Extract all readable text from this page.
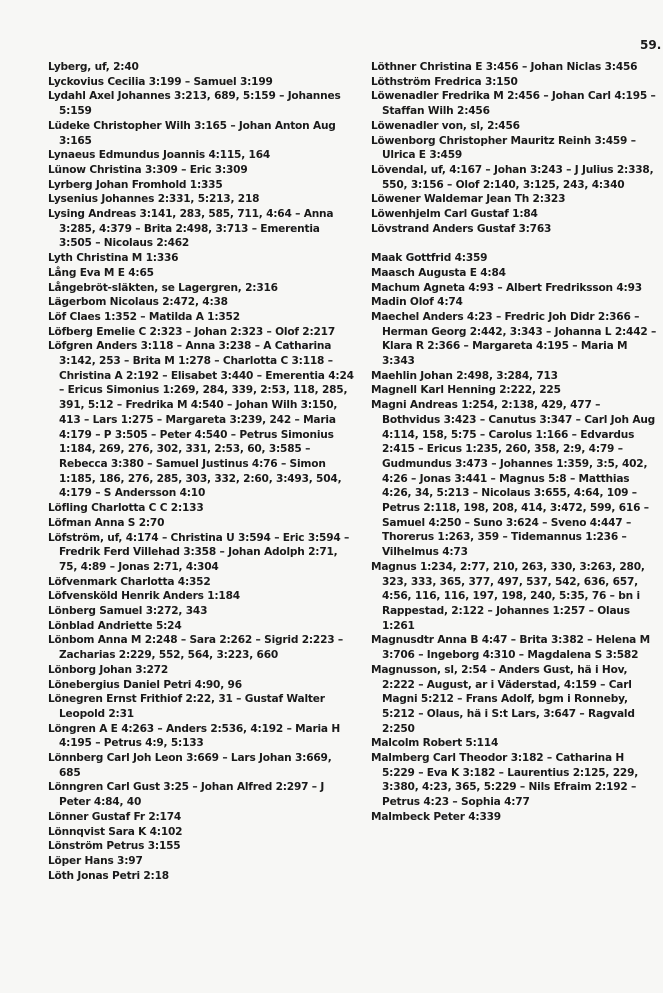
59.
Lyberg, uf, 2:40
Lyckovius Cecilia 3:199 – Samuel 3:199
Lydahl Axel Johannes 3:213, 689, 5:159 – Johannes 5:159
Lüdeke Christopher Wilh 3:165 – Johan Anton Aug 3:165
Lynaeus Edmundus Joannis 4:115, 164
Lünow Christina 3:309 – Eric 3:309
Lyrberg Johan Fromhold 1:335
Lysenius Johannes 2:331, 5:213, 218
Lysing Andreas 3:141, 283, 585, 711, 4:64 – Anna 3:285, 4:379 – Brita 2:498, 3:713 – Emerentia 3:505 – Nicolaus 2:462
Lyth Christina M 1:336
Lång Eva M E 4:65
Långebröt-släkten, se Lagergren, 2:316
Lägerbom Nicolaus 2:472, 4:38
Löf Claes 1:352 – Matilda A 1:352
Löfberg Emelie C 2:323 – Johan 2:323 – Olof 2:217
Löfgren Anders 3:118 – Anna 3:238 – A Catharina 3:142, 253 – Brita M 1:278 – Charlotta C 3:118 – Christina A 2:192 – Elisabet 3:440 – Emerentia 4:24 – Ericus Simonius 1:269, 284, 339, 2:53, 118, 285, 391, 5:12 – Fredrika M 4:540 – Johan Wilh 3:150, 413 – Lars 1:275 – Margareta 3:239, 242 – Maria 4:179 – P 3:505 – Peter 4:540 – Petrus Simonius 1:184, 269, 276, 302, 331, 2:53, 60, 3:585 – Rebecca 3:380 – Samuel Justinus 4:76 – Simon 1:185, 186, 276, 285, 303, 332, 2:60, 3:493, 504, 4:179 – S Andersson 4:10
Löfling Charlotta C C 2:133
Löfman Anna S 2:70
Löfström, uf, 4:174 – Christina U 3:594 – Eric 3:594 – Fredrik Ferd Villehad 3:358 – Johan Adolph 2:71, 75, 4:89 – Jonas 2:71, 4:304
Löfvenmark Charlotta 4:352
Löfvensköld Henrik Anders 1:184
Lönberg Samuel 3:272, 343
Lönblad Andriette 5:24
Lönbom Anna M 2:248 – Sara 2:262 – Sigrid 2:223 – Zacharias 2:229, 552, 564, 3:223, 660
Lönborg Johan 3:272
Lönebergius Daniel Petri 4:90, 96
Lönegren Ernst Frithiof 2:22, 31 – Gustaf Walter Leopold 2:31
Löngren A E 4:263 – Anders 2:536, 4:192 – Maria H 4:195 – Petrus 4:9, 5:133
Lönnberg Carl Joh Leon 3:669 – Lars Johan 3:669, 685
Lönngren Carl Gust 3:25 – Johan Alfred 2:297 – J Peter 4:84, 40
Lönner Gustaf Fr 2:174
Lönnqvist Sara K 4:102
Lönström Petrus 3:155
Löper Hans 3:97
Löth Jonas Petri 2:18
Löthner Christina E 3:456 – Johan Niclas 3:456
Löthström Fredrica 3:150
Löwenadler Fredrika M 2:456 – Johan Carl 4:195 – Staffan Wilh 2:456
Löwenadler von, sl, 2:456
Löwenborg Christopher Mauritz Reinh 3:459 – Ulrica E 3:459
Lövendal, uf, 4:167 – Johan 3:243 – J Julius 2:338, 550, 3:156 – Olof 2:140, 3:125, 243, 4:340
Löwener Waldemar Jean Th 2:323
Löwenhjelm Carl Gustaf 1:84
Lövstrand Anders Gustaf 3:763
Maak Gottfrid 4:359
Maasch Augusta E 4:84
Machum Agneta 4:93 – Albert Fredriksson 4:93
Madin Olof 4:74
Maechel Anders 4:23 – Fredric Joh Didr 2:366 – Herman Georg 2:442, 3:343 – Johanna L 2:442 – Klara R 2:366 – Margareta 4:195 – Maria M 3:343
Maehlin Johan 2:498, 3:284, 713
Magnell Karl Henning 2:222, 225
Magni Andreas 1:254, 2:138, 429, 477 – Bothvidus 3:423 – Canutus 3:347 – Carl Joh Aug 4:114, 158, 5:75 – Carolus 1:166 – Edvardus 2:415 – Ericus 1:235, 260, 358, 2:9, 4:79 – Gudmundus 3:473 – Johannes 1:359, 3:5, 402, 4:26 – Jonas 3:441 – Magnus 5:8 – Matthias 4:26, 34, 5:213 – Nicolaus 3:655, 4:64, 109 – Petrus 2:118, 198, 208, 414, 3:472, 599, 616 – Samuel 4:250 – Suno 3:624 – Sveno 4:447 – Thorerus 1:263, 359 – Tidemannus 1:236 – Vilhelmus 4:73
Magnus 1:234, 2:77, 210, 263, 330, 3:263, 280, 323, 333, 365, 377, 497, 537, 542, 636, 657, 4:56, 116, 116, 197, 198, 240, 5:35, 76 – bn i Rappestad, 2:122 – Johannes 1:257 – Olaus 1:261
Magnusdtr Anna B 4:47 – Brita 3:382 – Helena M 3:706 – Ingeborg 4:310 – Magdalena S 3:582
Magnusson, sl, 2:54 – Anders Gust, hä i Hov, 2:222 – August, ar i Väderstad, 4:159 – Carl Magni 5:212 – Frans Adolf, bgm i Ronneby, 5:212 – Olaus, hä i S:t Lars, 3:647 – Ragvald 2:250
Malcolm Robert 5:114
Malmberg Carl Theodor 3:182 – Catharina H 5:229 – Eva K 3:182 – Laurentius 2:125, 229, 3:380, 4:23, 365, 5:229 – Nils Efraim 2:192 – Petrus 4:23 – Sophia 4:77
Malmbeck Peter 4:339
